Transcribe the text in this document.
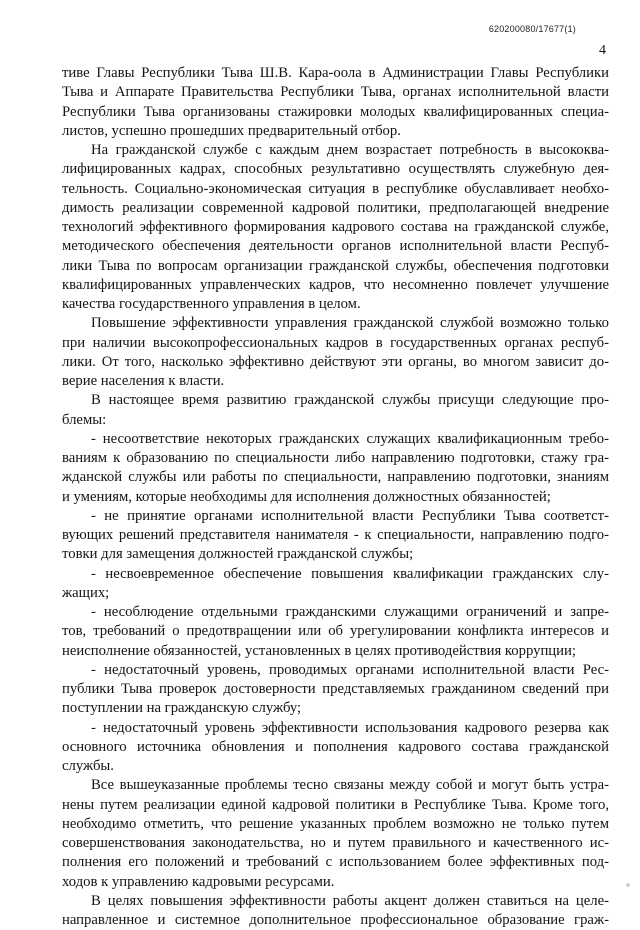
620200080/17677(1)
4
тиве Главы Республики Тыва Ш.В. Кара-оола в Администрации Главы Республики
Тыва и Аппарате Правительства Республики Тыва, органах исполнительной власти
Республики Тыва организованы стажировки молодых квалифицированных специа-
листов, успешно прошедших предварительный отбор.
На гражданской службе с каждым днем возрастает потребность в высококва-
лифицированных кадрах, способных результативно осуществлять служебную дея-
тельность. Социально-экономическая ситуация в республике обуславливает необхо-
димость реализации современной кадровой политики, предполагающей внедрение
технологий эффективного формирования кадрового состава на гражданской службе,
методического обеспечения деятельности органов исполнительной власти Респуб-
лики Тыва по вопросам организации гражданской службы, обеспечения подготовки
квалифицированных управленческих кадров, что несомненно повлечет улучшение
качества государственного управления в целом.
Повышение эффективности управления гражданской службой возможно только
при наличии высокопрофессиональных кадров в государственных органах респуб-
лики. От того, насколько эффективно действуют эти органы, во многом зависит до-
верие населения к власти.
В настоящее время развитию гражданской службы присущи следующие про-
блемы:
- несоответствие некоторых гражданских служащих квалификационным требо-
ваниям к образованию по специальности либо направлению подготовки, стажу гра-
жданской службы или работы по специальности, направлению подготовки, знаниям
и умениям, которые необходимы для исполнения должностных обязанностей;
- не принятие органами исполнительной власти Республики Тыва соответст-
вующих решений представителя нанимателя - к специальности, направлению подго-
товки для замещения должностей гражданской службы;
- несвоевременное обеспечение повышения квалификации гражданских слу-
жащих;
- несоблюдение отдельными гражданскими служащими ограничений и запре-
тов, требований о предотвращении или об урегулировании конфликта интересов и
неисполнение обязанностей, установленных в целях противодействия коррупции;
- недостаточный уровень, проводимых органами исполнительной власти Рес-
публики Тыва проверок достоверности представляемых гражданином сведений при
поступлении на гражданскую службу;
- недостаточный уровень эффективности использования кадрового резерва как
основного источника обновления и пополнения кадрового состава гражданской
службы.
Все вышеуказанные проблемы тесно связаны между собой и могут быть устра-
нены путем реализации единой кадровой политики в Республике Тыва. Кроме того,
необходимо отметить, что решение указанных проблем возможно не только путем
совершенствования законодательства, но и путем правильного и качественного ис-
полнения его положений и требований с использованием более эффективных под-
ходов к управлению кадровыми ресурсами.
В целях повышения эффективности работы акцент должен ставиться на целе-
направленное и системное дополнительное профессиональное образование граж-
